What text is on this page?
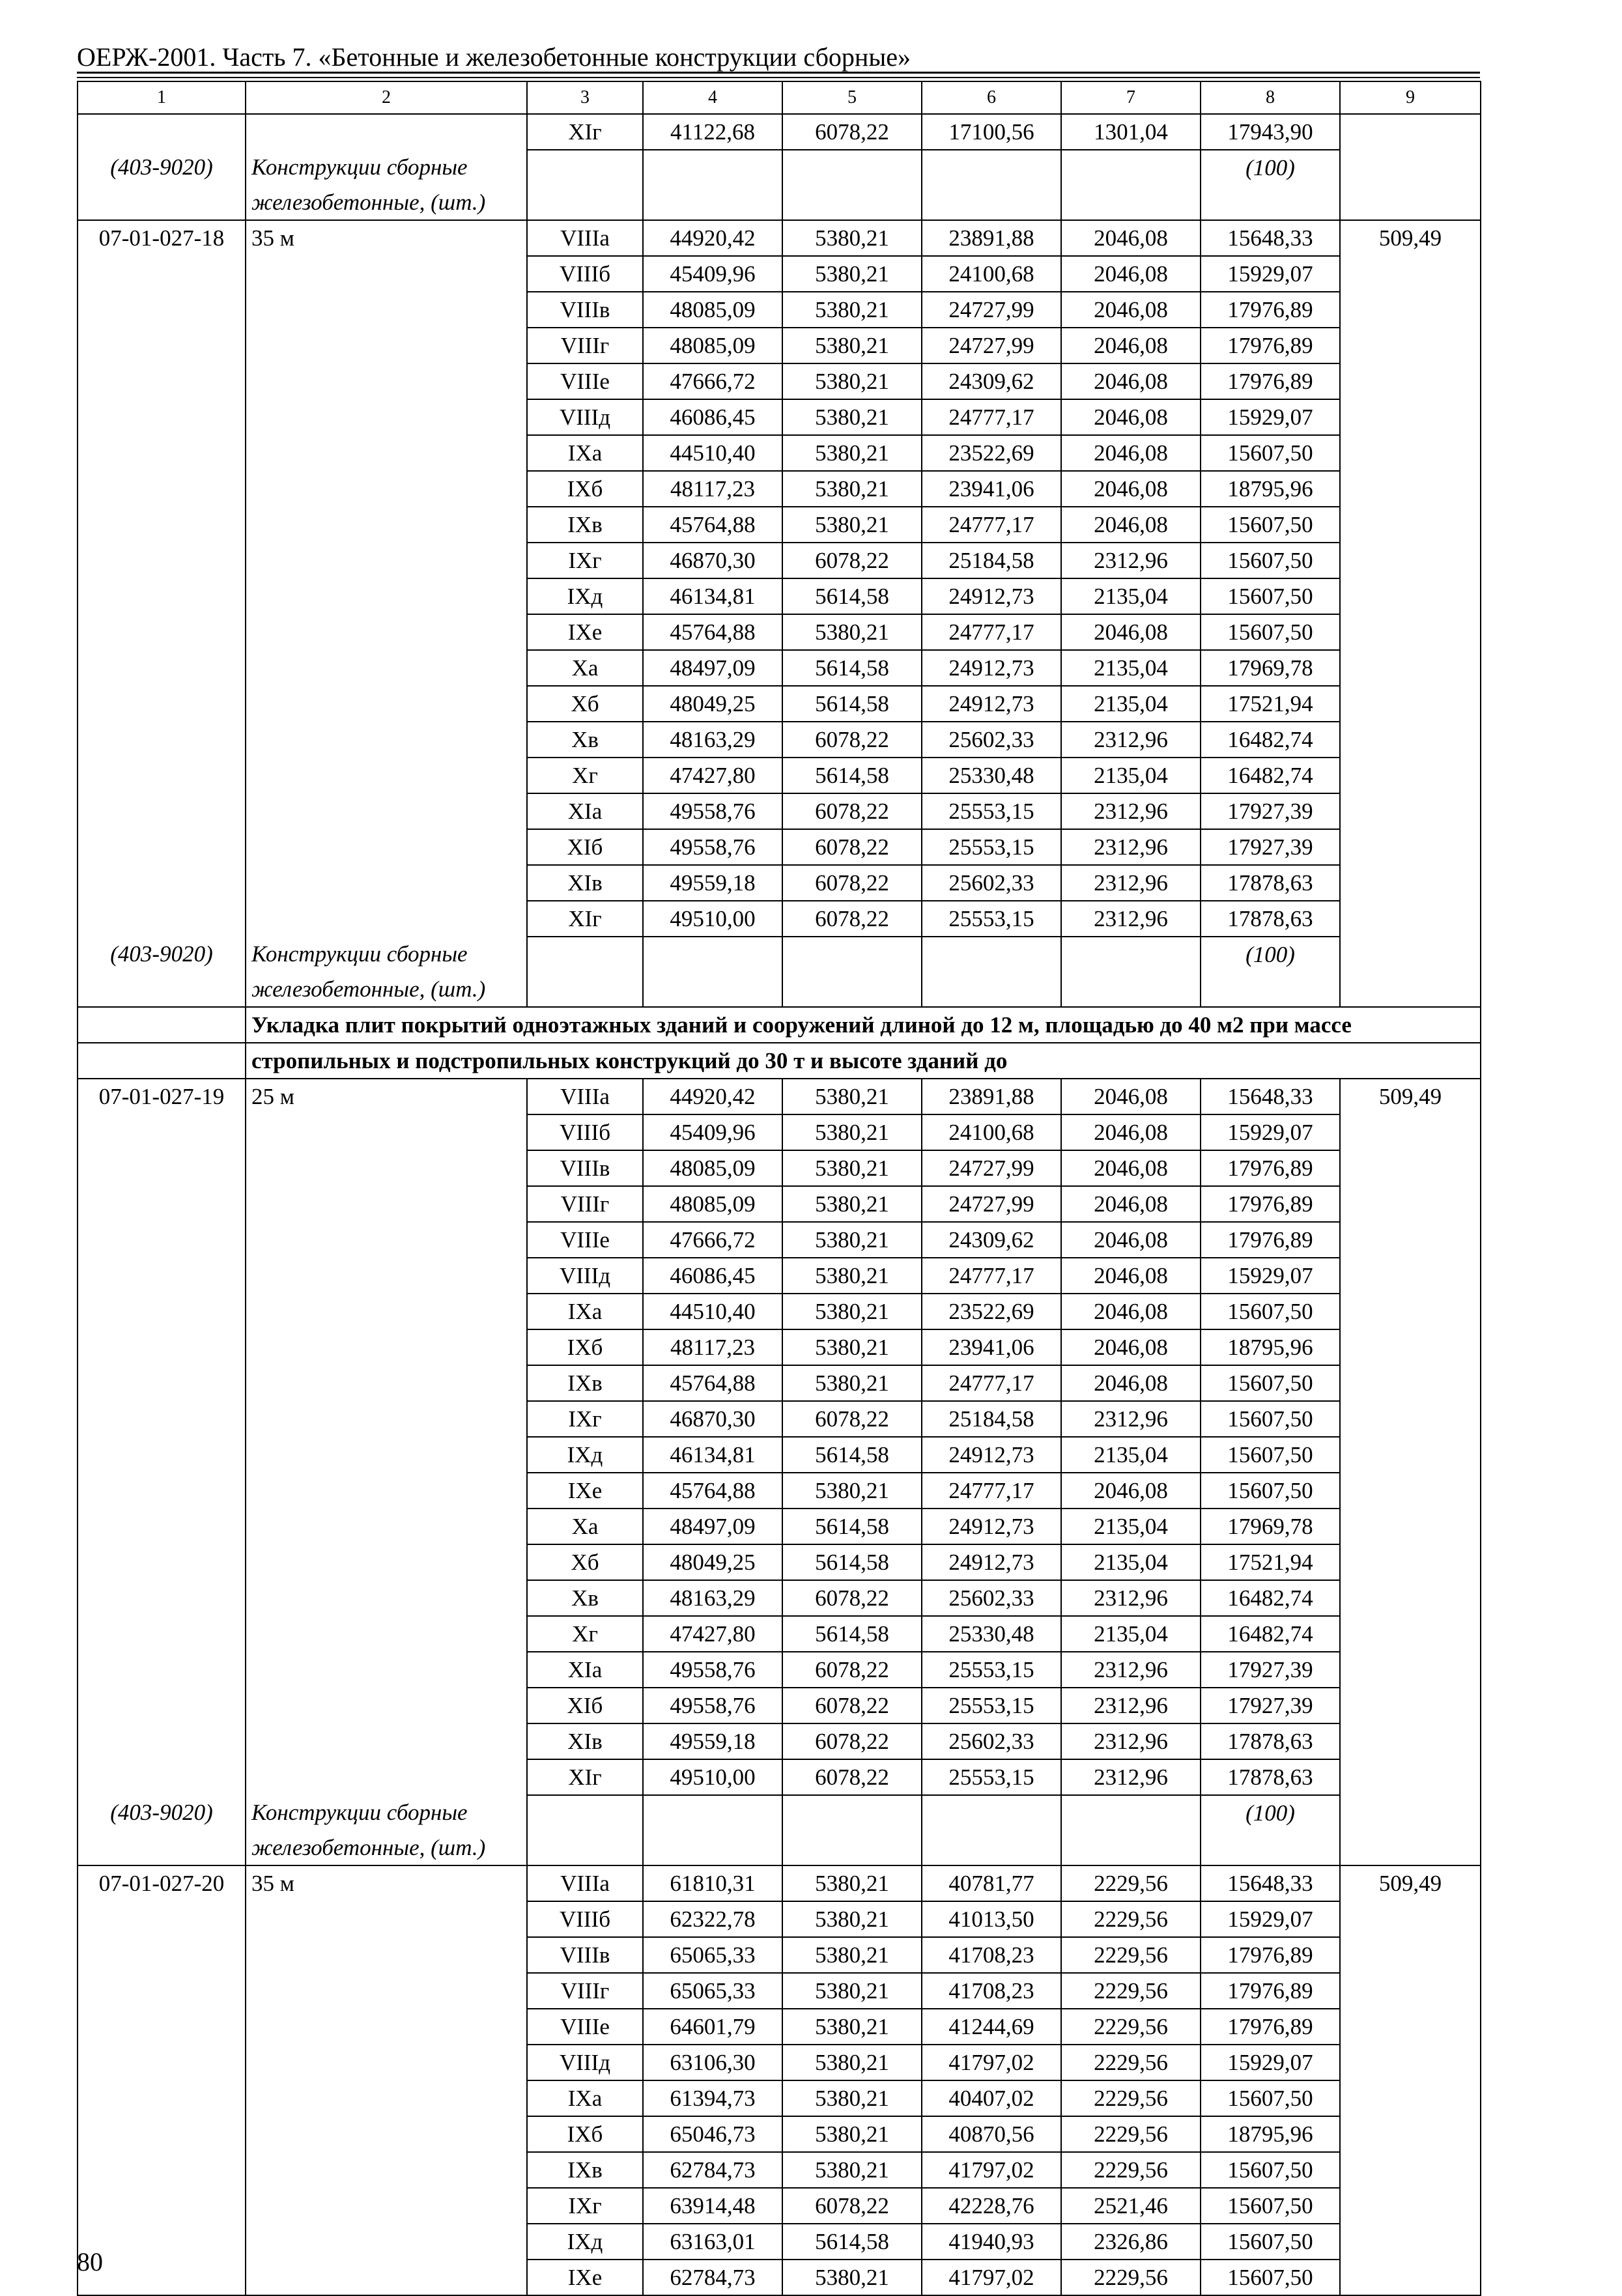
ОЕРЖ-2001. Часть 7. «Бетонные и железобетонные конструкции сборные»
1	2	3	4	5	6	7	8	9
		XIг	41122,68	6078,22	17100,56	1301,04	17943,90	
(403-9020)	Конструкции сборные						(100)	
	железобетонные, (шт.)							
07-01-027-18	35 м	VIIIа	44920,42	5380,21	23891,88	2046,08	15648,33	509,49
		VIIIб	45409,96	5380,21	24100,68	2046,08	15929,07	
		VIIIв	48085,09	5380,21	24727,99	2046,08	17976,89	
		VIIIг	48085,09	5380,21	24727,99	2046,08	17976,89	
		VIIIе	47666,72	5380,21	24309,62	2046,08	17976,89	
		VIIIд	46086,45	5380,21	24777,17	2046,08	15929,07	
		IXа	44510,40	5380,21	23522,69	2046,08	15607,50	
		IXб	48117,23	5380,21	23941,06	2046,08	18795,96	
		IXв	45764,88	5380,21	24777,17	2046,08	15607,50	
		IXг	46870,30	6078,22	25184,58	2312,96	15607,50	
		IXд	46134,81	5614,58	24912,73	2135,04	15607,50	
		IXе	45764,88	5380,21	24777,17	2046,08	15607,50	
		Xа	48497,09	5614,58	24912,73	2135,04	17969,78	
		Xб	48049,25	5614,58	24912,73	2135,04	17521,94	
		Xв	48163,29	6078,22	25602,33	2312,96	16482,74	
		Xг	47427,80	5614,58	25330,48	2135,04	16482,74	
		XIа	49558,76	6078,22	25553,15	2312,96	17927,39	
		XIб	49558,76	6078,22	25553,15	2312,96	17927,39	
		XIв	49559,18	6078,22	25602,33	2312,96	17878,63	
		XIг	49510,00	6078,22	25553,15	2312,96	17878,63	
(403-9020)	Конструкции сборные						(100)	
	железобетонные, (шт.)							
	Укладка плит покрытий одноэтажных зданий и сооружений длиной до 12 м, площадью до 40 м2 при массе							
	стропильных и подстропильных конструкций до 30 т и высоте зданий до							
07-01-027-19	25 м	VIIIа	44920,42	5380,21	23891,88	2046,08	15648,33	509,49
		VIIIб	45409,96	5380,21	24100,68	2046,08	15929,07	
		VIIIв	48085,09	5380,21	24727,99	2046,08	17976,89	
		VIIIг	48085,09	5380,21	24727,99	2046,08	17976,89	
		VIIIе	47666,72	5380,21	24309,62	2046,08	17976,89	
		VIIIд	46086,45	5380,21	24777,17	2046,08	15929,07	
		IXа	44510,40	5380,21	23522,69	2046,08	15607,50	
		IXб	48117,23	5380,21	23941,06	2046,08	18795,96	
		IXв	45764,88	5380,21	24777,17	2046,08	15607,50	
		IXг	46870,30	6078,22	25184,58	2312,96	15607,50	
		IXд	46134,81	5614,58	24912,73	2135,04	15607,50	
		IXе	45764,88	5380,21	24777,17	2046,08	15607,50	
		Xа	48497,09	5614,58	24912,73	2135,04	17969,78	
		Xб	48049,25	5614,58	24912,73	2135,04	17521,94	
		Xв	48163,29	6078,22	25602,33	2312,96	16482,74	
		Xг	47427,80	5614,58	25330,48	2135,04	16482,74	
		XIа	49558,76	6078,22	25553,15	2312,96	17927,39	
		XIб	49558,76	6078,22	25553,15	2312,96	17927,39	
		XIв	49559,18	6078,22	25602,33	2312,96	17878,63	
		XIг	49510,00	6078,22	25553,15	2312,96	17878,63	
(403-9020)	Конструкции сборные						(100)	
	железобетонные, (шт.)							
07-01-027-20	35 м	VIIIа	61810,31	5380,21	40781,77	2229,56	15648,33	509,49
		VIIIб	62322,78	5380,21	41013,50	2229,56	15929,07	
		VIIIв	65065,33	5380,21	41708,23	2229,56	17976,89	
		VIIIг	65065,33	5380,21	41708,23	2229,56	17976,89	
		VIIIе	64601,79	5380,21	41244,69	2229,56	17976,89	
		VIIIд	63106,30	5380,21	41797,02	2229,56	15929,07	
		IXа	61394,73	5380,21	40407,02	2229,56	15607,50	
		IXб	65046,73	5380,21	40870,56	2229,56	18795,96	
		IXв	62784,73	5380,21	41797,02	2229,56	15607,50	
		IXг	63914,48	6078,22	42228,76	2521,46	15607,50	
		IXд	63163,01	5614,58	41940,93	2326,86	15607,50	
		IXе	62784,73	5380,21	41797,02	2229,56	15607,50	
80
